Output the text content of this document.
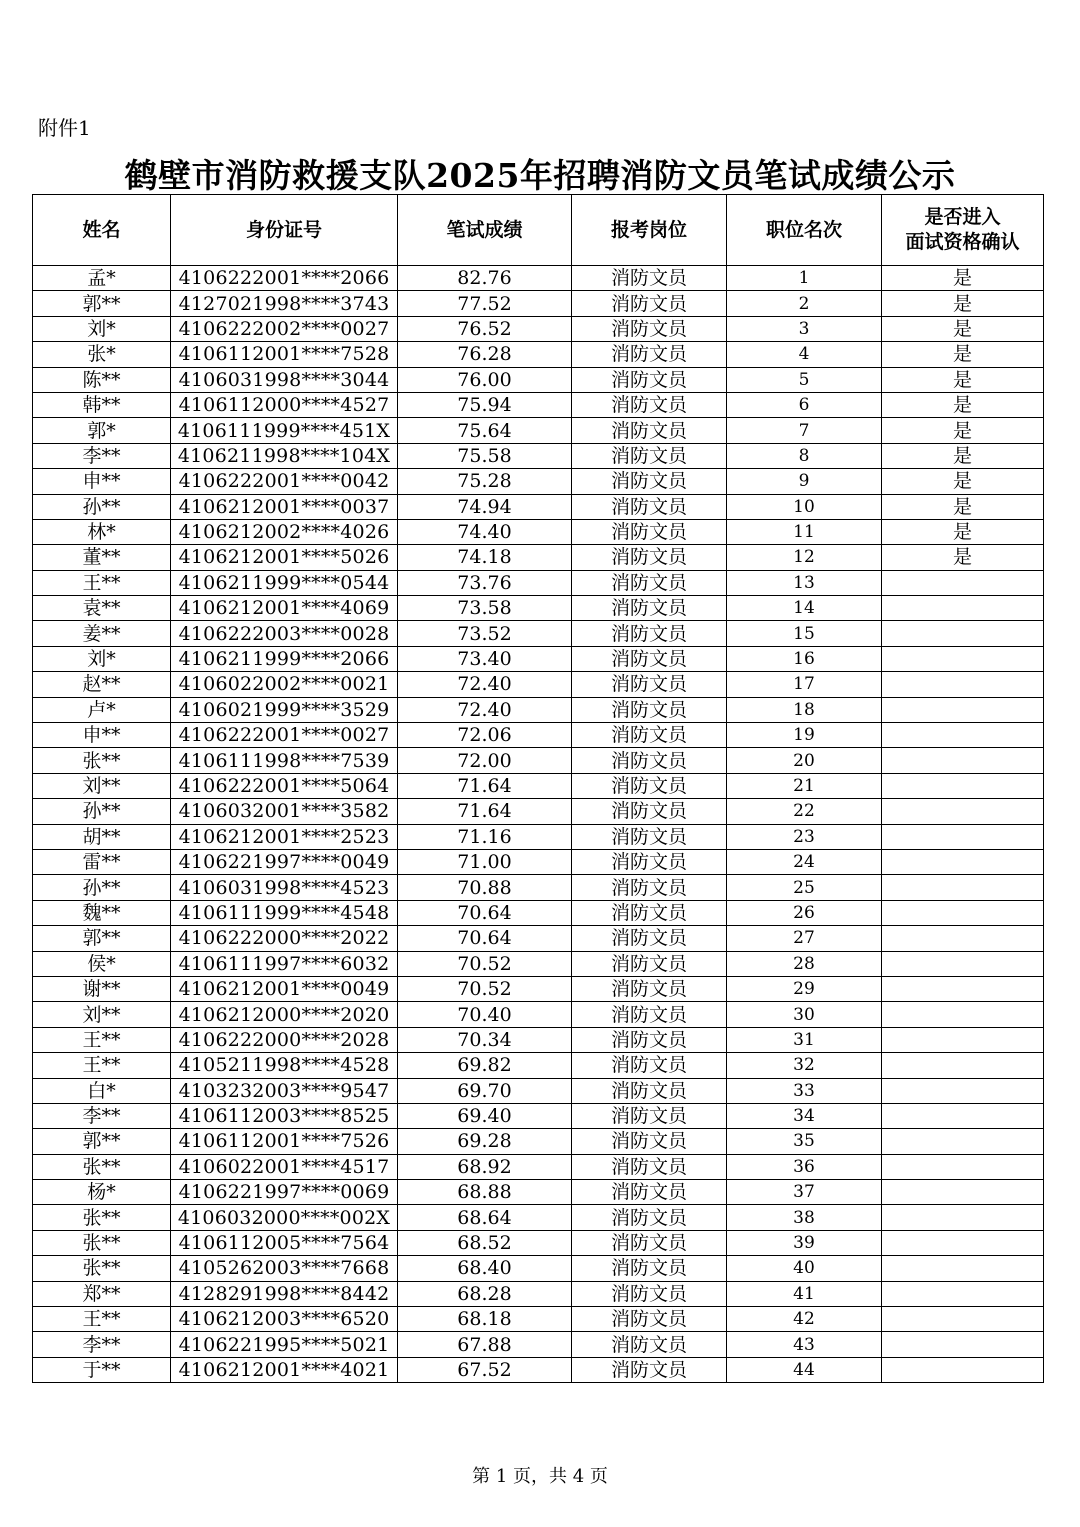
附件1
鹤壁市消防救援支队2025年招聘消防文员笔试成绩公示
姓名	身份证号	笔试成绩	报考岗位	职位名次	是否进入
面试资格确认

孟*	4106222001****2066	82.76	消防文员	1	是
郭**	4127021998****3743	77.52	消防文员	2	是
刘*	4106222002****0027	76.52	消防文员	3	是
张*	4106112001****7528	76.28	消防文员	4	是
陈**	4106031998****3044	76.00	消防文员	5	是
韩**	4106112000****4527	75.94	消防文员	6	是
郭*	4106111999****451X	75.64	消防文员	7	是
李**	4106211998****104X	75.58	消防文员	8	是
申**	4106222001****0042	75.28	消防文员	9	是
孙**	4106212001****0037	74.94	消防文员	10	是
林*	4106212002****4026	74.40	消防文员	11	是
董**	4106212001****5026	74.18	消防文员	12	是
王**	4106211999****0544	73.76	消防文员	13	
袁**	4106212001****4069	73.58	消防文员	14	
姜**	4106222003****0028	73.52	消防文员	15	
刘*	4106211999****2066	73.40	消防文员	16	
赵**	4106022002****0021	72.40	消防文员	17	
卢*	4106021999****3529	72.40	消防文员	18	
申**	4106222001****0027	72.06	消防文员	19	
张**	4106111998****7539	72.00	消防文员	20	
刘**	4106222001****5064	71.64	消防文员	21	
孙**	4106032001****3582	71.64	消防文员	22	
胡**	4106212001****2523	71.16	消防文员	23	
雷**	4106221997****0049	71.00	消防文员	24	
孙**	4106031998****4523	70.88	消防文员	25	
魏**	4106111999****4548	70.64	消防文员	26	
郭**	4106222000****2022	70.64	消防文员	27	
侯*	4106111997****6032	70.52	消防文员	28	
谢**	4106212001****0049	70.52	消防文员	29	
刘**	4106212000****2020	70.40	消防文员	30	
王**	4106222000****2028	70.34	消防文员	31	
王**	4105211998****4528	69.82	消防文员	32	
白*	4103232003****9547	69.70	消防文员	33	
李**	4106112003****8525	69.40	消防文员	34	
郭**	4106112001****7526	69.28	消防文员	35	
张**	4106022001****4517	68.92	消防文员	36	
杨*	4106221997****0069	68.88	消防文员	37	
张**	4106032000****002X	68.64	消防文员	38	
张**	4106112005****7564	68.52	消防文员	39	
张**	4105262003****7668	68.40	消防文员	40	
郑**	4128291998****8442	68.28	消防文员	41	
王**	4106212003****6520	68.18	消防文员	42	
李**	4106221995****5021	67.88	消防文员	43	
于**	4106212001****4021	67.52	消防文员	44	
第 1 页，共 4 页
